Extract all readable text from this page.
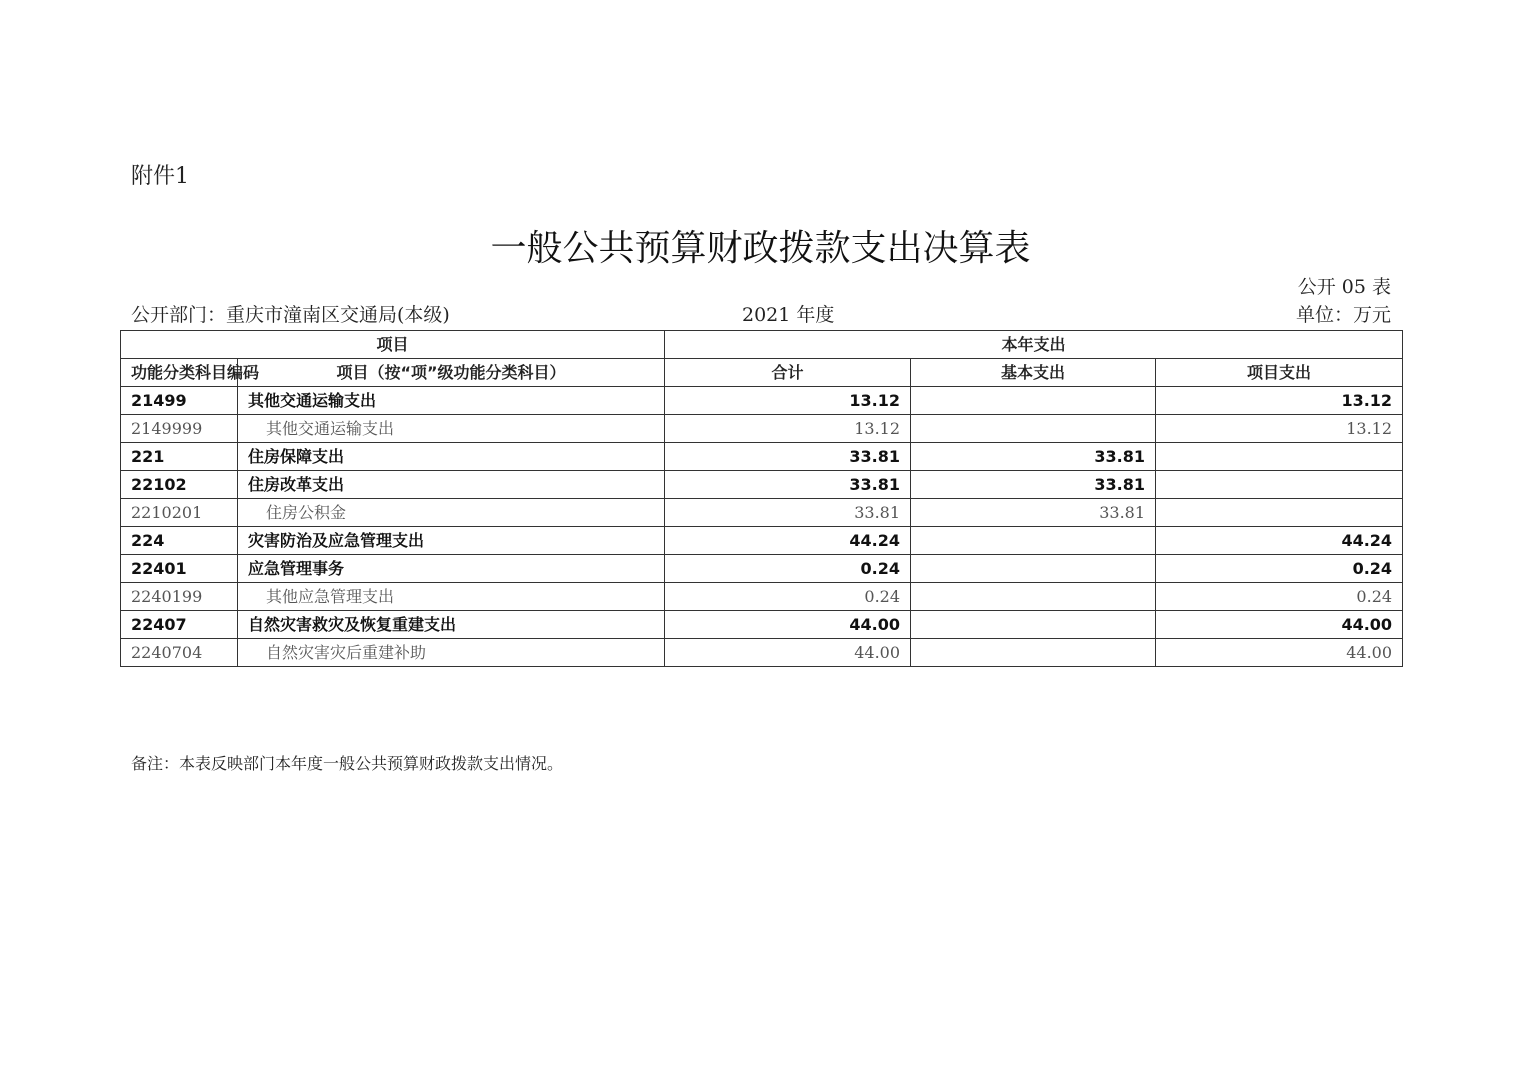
附件1
一般公共预算财政拨款支出决算表
公开 05 表
公开部门：重庆市潼南区交通局(本级)	2021 年度	单位：万元
项目		本年支出		
功能分类科目编码	项目（按“项”级功能分类科目）	合计	基本支出	项目支出
21499	其他交通运输支出	13.12		13.12
2149999	其他交通运输支出	13.12		13.12
221	住房保障支出	33.81	33.81	
22102	住房改革支出	33.81	33.81	
2210201	住房公积金	33.81	33.81	
224	灾害防治及应急管理支出	44.24		44.24
22401	应急管理事务	0.24		0.24
2240199	其他应急管理支出	0.24		0.24
22407	自然灾害救灾及恢复重建支出	44.00		44.00
2240704	自然灾害灾后重建补助	44.00		44.00
备注：本表反映部门本年度一般公共预算财政拨款支出情况。
